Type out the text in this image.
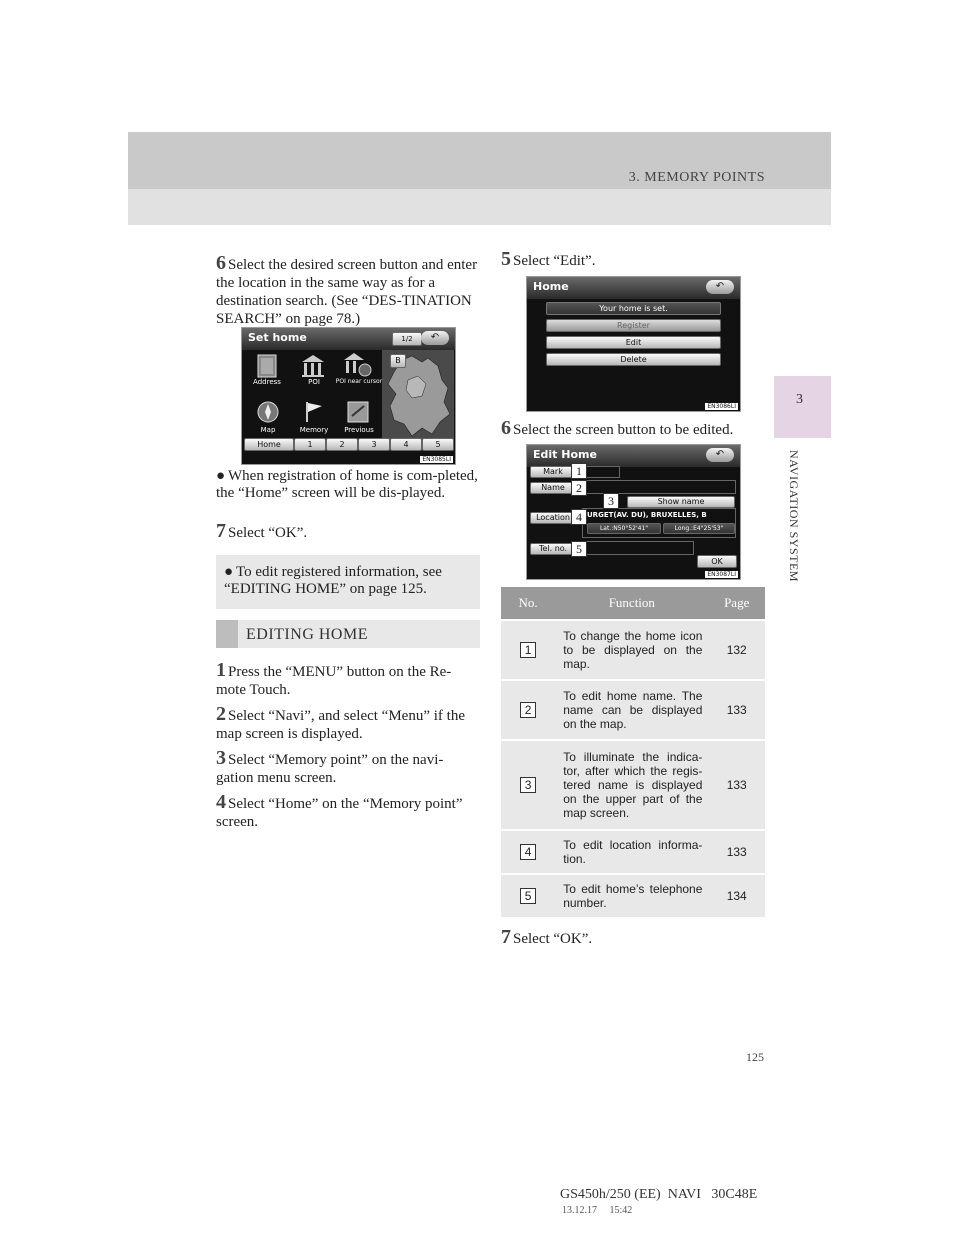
3. MEMORY POINTS
3
NAVIGATION SYSTEM
6 Select the desired screen button and enter the location in the same way as for a destination search. (See “DES-TINATION SEARCH” on page 78.)
Set home	1/2	↶
B
Address	POI	POI near cursor
Map	Memory	Previous
Home	1	2	3	4	5
EN3085LI
● When registration of home is com-pleted, the “Home” screen will be dis-played.
7 Select “OK”.
● To edit registered information, see “EDITING HOME” on page 125.
EDITING HOME
1 Press the “MENU” button on the Re-mote Touch.
2 Select “Navi”, and select “Menu” if the map screen is displayed.
3 Select “Memory point” on the navi-gation menu screen.
4 Select “Home” on the “Memory point” screen.
5 Select “Edit”.
Home	↶
Your home is set.
Register
Edit
Delete
EN3086LI
6 Select the screen button to be edited.
Edit Home	↶
Mark
Name
Show name
Location	URGET(AV. DU), BRUXELLES, B
Lat.:N50°52'41"	Long.:E4°25'53"
Tel. no.
OK
1
2
3
4
5
EN3087LI
No.	Function	Page
1	To change the home icon to be displayed on the map.	132
2	To edit home name. The name can be displayed on the map.	133
3	To illuminate the indica-tor, after which the regis-tered name is displayed on the upper part of the map screen.	133
4	To edit location informa-tion.	133
5	To edit home’s telephone number.	134
7 Select “OK”.
125
GS450h/250 (EE)  NAVI   30C48E
13.12.17     15:42
